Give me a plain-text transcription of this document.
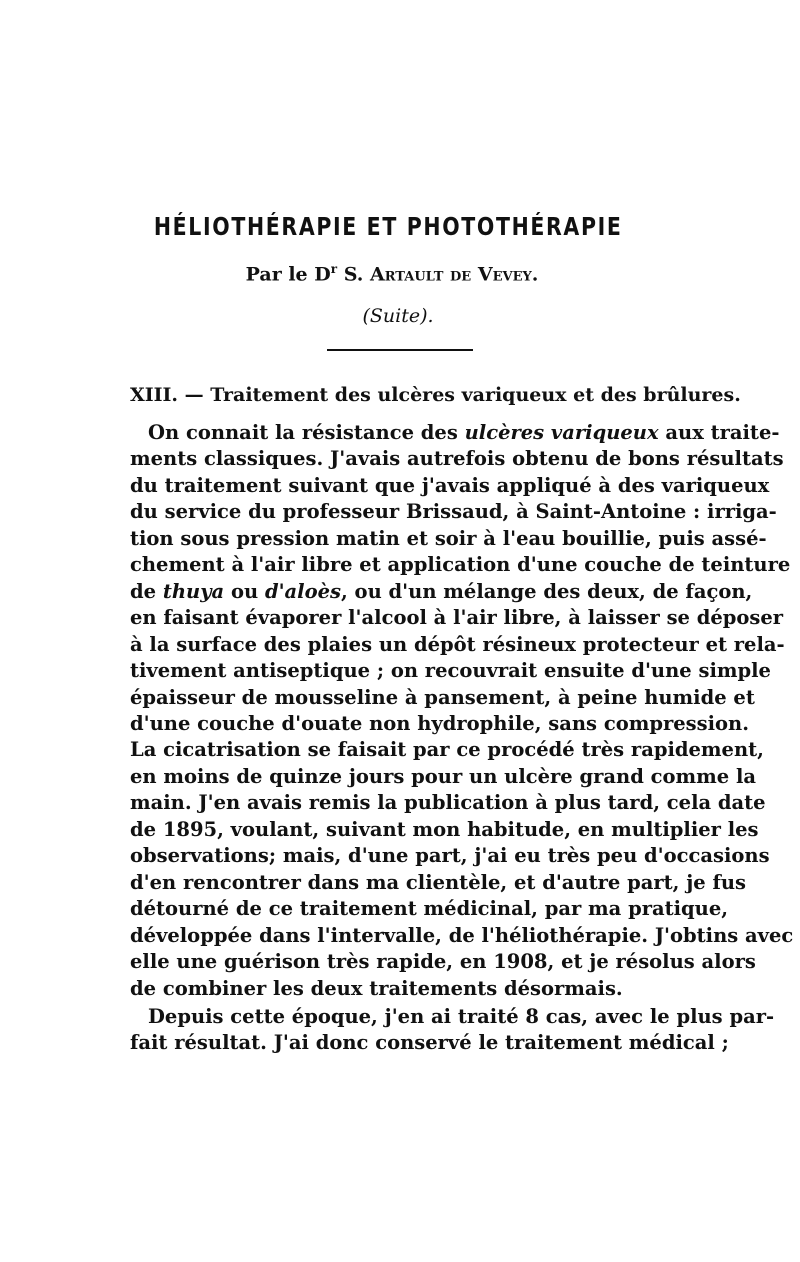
HÉLIOTHÉRAPIE ET PHOTOTHÉRAPIE
Par le $D^r$ S. Artault de Vevey.
(Suite).
XIII. — Traitement des ulcères variqueux et des brûlures.
On connait la résistance des ulcères variqueux aux traite-
ments classiques. J'avais autrefois obtenu de bons résultats
du traitement suivant que j'avais appliqué à des variqueux
du service du professeur Brissaud, à Saint-Antoine : irriga-
tion sous pression matin et soir à l'eau bouillie, puis assé-
chement à l'air libre et application d'une couche de teinture
de thuya ou d'aloès, ou d'un mélange des deux, de façon,
en faisant évaporer l'alcool à l'air libre, à laisser se déposer
à la surface des plaies un dépôt résineux protecteur et rela-
tivement antiseptique ; on recouvrait ensuite d'une simple
épaisseur de mousseline à pansement, à peine humide et
d'une couche d'ouate non hydrophile, sans compression.
La cicatrisation se faisait par ce procédé très rapidement,
en moins de quinze jours pour un ulcère grand comme la
main. J'en avais remis la publication à plus tard, cela date
de 1895, voulant, suivant mon habitude, en multiplier les
observations; mais, d'une part, j'ai eu très peu d'occasions
d'en rencontrer dans ma clientèle, et d'autre part, je fus
détourné de ce traitement médicinal, par ma pratique,
développée dans l'intervalle, de l'héliothérapie. J'obtins avec
elle une guérison très rapide, en 1908, et je résolus alors
de combiner les deux traitements désormais.
Depuis cette époque, j'en ai traité 8 cas, avec le plus par-
fait résultat. J'ai donc conservé le traitement médical ;
